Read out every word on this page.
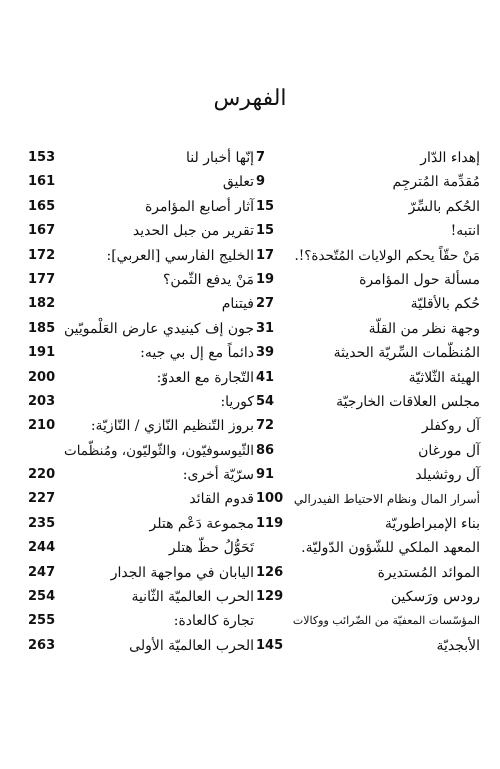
الفهرس
إهداء الدّار
7
مُقدِّمة المُترجِم
9
الحُكم بالسِّرّ
15
انتبه!
15
مَنْ حقّاً يحكم الولايات المُتّحدة؟!.
17
مسألة حول المؤامرة
19
حُكم بالأقليّة
27
وجهة نظر من القلّة
31
المُنظّمات السِّريّة الحديثة
39
الهيئة الثّلاثيّة
41
مجلس العلاقات الخارجيّة
54
آل روكفلر
72
آل مورغان
86
آل روثشيلد
91
أسرار المال ونظام الاحتياط الفيدرالي
100
بناء الإمبراطوريّة
119
المعهد الملكي للشّؤون الدّوليّة.
الموائد المُستديرة
126
رودس ورَسكين
129
المؤسّسات المعفيّة من الضّرائب ووكالات
الأبجديّة
145
إنّها أخبار لنا
153
تعليق
161
آثار أصابع المؤامرة
165
تقرير من جبل الحديد
167
الخليج الفارسي [العربي]:
172
مَنْ يدفع الثّمن؟
177
فيتنام
182
جون إف كينيدي عارض العَلْمويّين
185
دائماً مع إل بي جيه:
191
التّجارة مع العدوّ:
200
كوريا:
203
بروز التّنظيم النّازي / النّازيّة:
210
الثّيوسوفيّون، والثّوليّون، ومُنظّمات
سرّيّة أخرى:
220
قدوم القائد
227
مجموعة دَعْم هتلر
235
تَحَوُّلُ حظّ هتلر
244
اليابان في مواجهة الجدار
247
الحرب العالميّة الثّانية
254
تجارة كالعادة:
255
الحرب العالميّة الأولى
263
